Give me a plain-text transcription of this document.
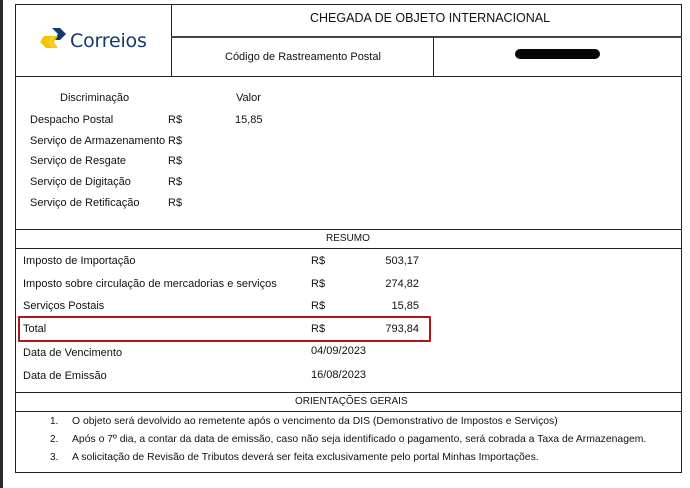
Correios
CHEGADA DE OBJETO INTERNACIONAL
Código de Rastreamento Postal
Discriminação	Valor
Despacho Postal	R$	15,85
Serviço de Armazenamento R$
Serviço de Resgate	R$
Serviço de Digitação	R$
Serviço de Retificação	R$
RESUMO
Imposto de Importação	R$	503,17
Imposto sobre circulação de mercadorias e serviços	R$	274,82
Serviços Postais	R$	15,85
Total	R$	793,84
Data de Vencimento	04/09/2023
Data de Emissão	16/08/2023
ORIENTAÇÕES GERAIS
1. O objeto será devolvido ao remetente após o vencimento da DIS (Demonstrativo de Impostos e Serviços)
2. Após o 7º dia, a contar da data de emissão, caso não seja identificado o pagamento, será cobrada a Taxa de Armazenagem.
3. A solicitação de Revisão de Tributos deverá ser feita exclusivamente pelo portal Minhas Importações.
